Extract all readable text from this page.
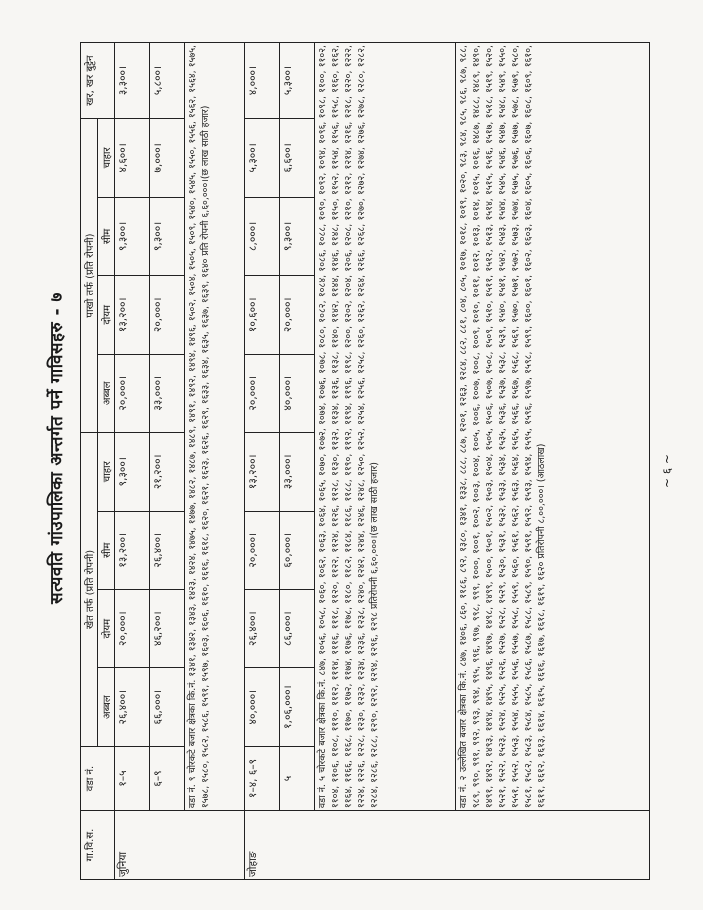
सत्यवति गांउपालिका अन्तर्गत पर्ने गाविसहरु - ७
गा.वि.स.	वडा नं.	खेत तर्फ (प्रति रोपनी)				पाखो तर्फ (प्रति रोपनी)				खर, खर बुट्टेन
		अब्बल	दोयम	सीम	चाहार	अब्बल	दोयम	सीम	चाहार	
जुनिया	१–५	२६,४००।	२०,०००।	१३,२००।	९,३००।	२०,०००।	१३,२००।	९,३००।	४,६००।	३,३००।
	६–९	६६,०००।	४६,२००।	२६,४००।	२१,२००।	३३,०००।	२०,०००।	९,३००।	७,०००।	५,८००।
	वडा नं. ९ चोरकटे बजार क्षेत्रका कि.नं. १३४१, १३४२, १३४३, १४२३, १४२४, १४७५, १४७७, १४८२, १४८७, १४८९, १४९१, १४९२, १४९४, १४९६, १५०२, १५०४, १५०५, १५०९, १५४०, १५४५, १५५०, १५५६, १५६२, १५६४, १५७५, १५७८, १५८०, १५८२, १५८६, १५९१, १५९७, १६०३, १६०६, १६१०, १६१६, १६१८, १६२०, १६२१, १६२३, १६२६, १६२९, १६३३, १६३४, १६३५, १६३७, १६३९, १६४० प्रति रोपनी ६,६०,०००।(छ लाख साठी हजार)									
जोहाङ	१–४, ६–९	४०,०००।	२६,४००।	२०,०००।	१३,२००।	२०,०००।	१०,६००।	८,०००।	५,३००।	४,०००।
	५	१,०६,०००।	८६,०००।	६०,०००।	३३,०००।	४०,०००।	२०,०००।	९,३००।	६,६००।	५,३००।
	वडा नं. ५ चोरकटे बजार क्षेत्रका कि.नं. ८४७, १०५६, १०५८, १०६०, १०६२, १०६३, १०६४, १०६५, १०७०, १०७२, १०७४, १०७६, १०७८, १०८०, १०८२, १०८४, १०८६, १०८८, १०९०, १०९२, १०९४, १०९६, १०९८, ११००, ११०२, ११०४, ११०६, ११०८, १११०, १११२, १११४, १११६, १११८, ११२०, ११२२, ११२४, ११२६, ११२८, ११३०, ११३२, ११३४, ११३६, ११३८, ११४०, ११४२, ११४४, ११४६, ११४८, ११५०, ११५२, ११५४, ११५६, ११५८, ११६०, ११६२, ११६४, ११६६, ११६८, ११७०, ११७२, ११७४, ११७६, ११७८, ११८०, ११८२, ११८४, ११८६, ११८८, ११९०, ११९२, ११९४, ११९६, ११९८, १२००, १२०२, १२०४, १२०६, १२०८, १२१०, १२१२, १२१४, १२१६, १२१८, १२२०, १२२२, १२२४, १२२६, १२२८, १२३०, १२३२, १२३४, १२३६, १२३८, १२४०, १२४२, १२४४, १२४६, १२४८, १२५०, १२५२, १२५४, १२५६, १२५८, १२६०, १२६२, १२६४, १२६६, १२६८, १२७०, १२७२, १२७४, १२७६, १२७८, १२८०, १२८२, १२८४, १२८६, १२८८, १२९०, १२९२, १२९४, १२९६, १२९८ प्रतिरोपनी ६,६०,०००।(छ लाख साठी हजार)									
	वडा नं. २ उल्लेखित बजार क्षेत्रका कि.नं. ८४७, १४०६, ८६०, ११८६, ८९२, १३८०, १३४१, १३३८, ८८८, ८८७, १२०१, १२६३, १२८४, ८८२, ८८१, ८०४, ८०५, १०१७, १०१८, १०१९, १०२०, ९८३, ९८४, ९८५, ९८६, ९८७, ९८८, ९८९, ९९०, ९९१, ९९२, ९९३, ९९४, ९९५, ९९६, ९९७, ९९८, ९९९, १०००, १००१, १००२, १००३, १००४, १००५, १००६, १००७, १००८, १००९, १०१०, १०११, १०१२, १०१३, १०१४, १०१५, १०१६, १४८७, १४८८, १४८९, १४९०, १४९१, १४९२, १४९३, १४९४, १४९५, १४९६, १४९७, १४९८, १४९९, १५००, १५०१, १५०२, १५०३, १५०४, १५०५, १५०६, १५०७, १५०८, १५०९, १५१०, १५११, १५१२, १५१३, १५१४, १५१५, १५१६, १५१७, १५१८, १५१९, १५२०, १५२१, १५२२, १५२३, १५२४, १५२५, १५२६, १५२७, १५२८, १५२९, १५३०, १५३१, १५३२, १५३३, १५३४, १५३५, १५३६, १५३७, १५३८, १५३९, १५४०, १५४१, १५४२, १५४३, १५४४, १५४५, १५४६, १५४७, १५४८, १५४९, १५५०, १५५१, १५५२, १५५३, १५५४, १५५५, १५५६, १५५७, १५५८, १५५९, १५६०, १५६१, १५६२, १५६३, १५६४, १५६५, १५६६, १५६७, १५६८, १५६९, १५७०, १५७१, १५७२, १५७३, १५७४, १५७५, १५७६, १५७७, १५७८, १५७९, १५८०, १५८१, १५८२, १५८३, १५८४, १५८५, १५८६, १५८७, १५८८, १५८९, १५९०, १५९१, १५९२, १५९३, १५९४, १५९५, १५९६, १५९७, १५९८, १५९९, १६००, १६०१, १६०२, १६०३, १६०४, १६०५, १६०६, १६०७, १६०८, १६०९, १६१०, १६११, १६१२, १६१३, १६१४, १६१५, १६१६, १६१७, १६१८, १६१९, १६२० प्रतिरोपनी ८,००,०००। (आठलाख)										~ ६ ~
